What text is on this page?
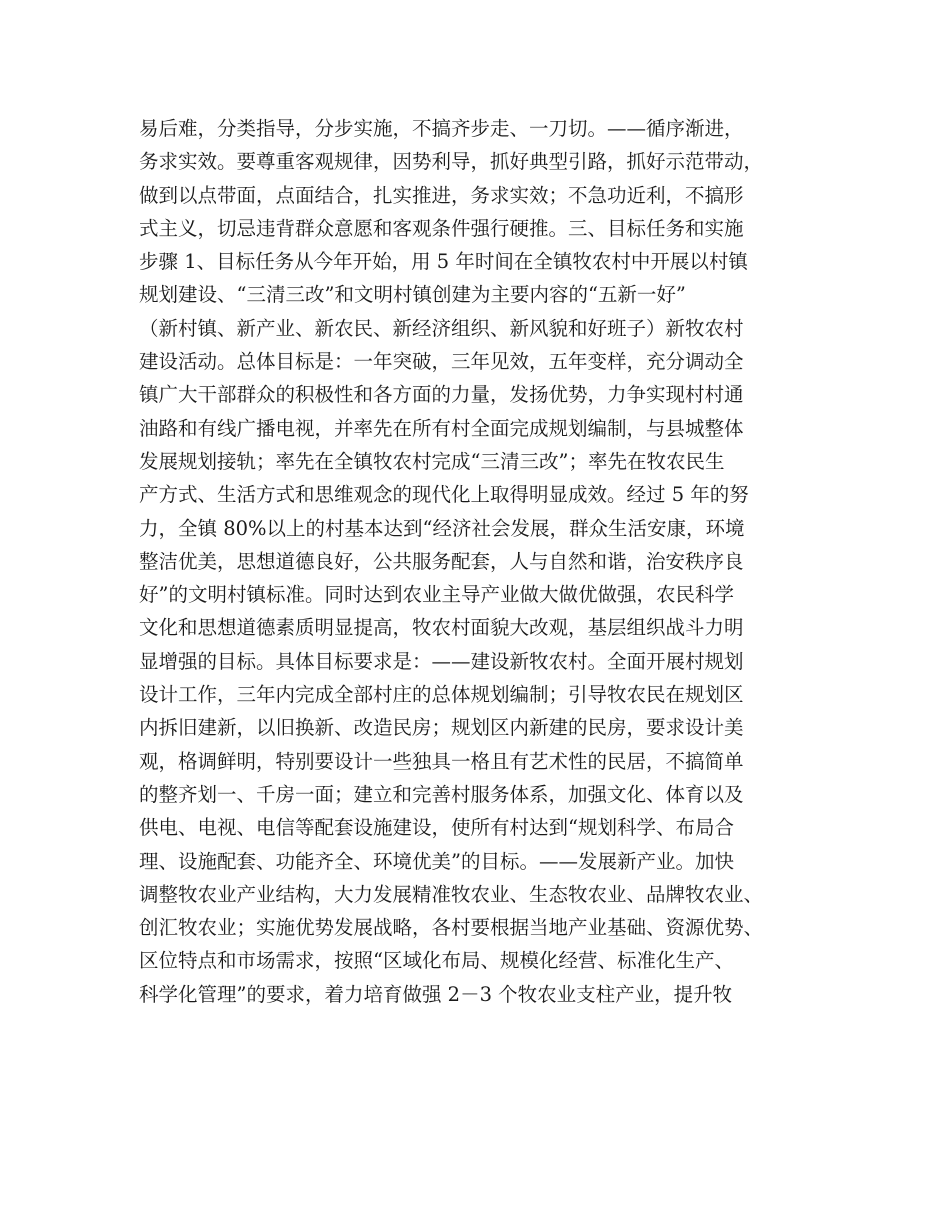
易后难，分类指导，分步实施，不搞齐步走、一刀切。——循序渐进，
务求实效。要尊重客观规律，因势利导，抓好典型引路，抓好示范带动，
做到以点带面，点面结合，扎实推进，务求实效；不急功近利，不搞形
式主义，切忌违背群众意愿和客观条件强行硬推。三、目标任务和实施
步骤 1、目标任务从今年开始，用 5 年时间在全镇牧农村中开展以村镇
规划建设、“三清三改”和文明村镇创建为主要内容的“五新一好”
（新村镇、新产业、新农民、新经济组织、新风貌和好班子）新牧农村
建设活动。总体目标是：一年突破，三年见效，五年变样，充分调动全
镇广大干部群众的积极性和各方面的力量，发扬优势，力争实现村村通
油路和有线广播电视，并率先在所有村全面完成规划编制，与县城整体
发展规划接轨；率先在全镇牧农村完成“三清三改”；率先在牧农民生
产方式、生活方式和思维观念的现代化上取得明显成效。经过 5 年的努
力，全镇 80%以上的村基本达到“经济社会发展，群众生活安康，环境
整洁优美，思想道德良好，公共服务配套，人与自然和谐，治安秩序良
好”的文明村镇标准。同时达到农业主导产业做大做优做强，农民科学
文化和思想道德素质明显提高，牧农村面貌大改观，基层组织战斗力明
显增强的目标。具体目标要求是：——建设新牧农村。全面开展村规划
设计工作，三年内完成全部村庄的总体规划编制；引导牧农民在规划区
内拆旧建新，以旧换新、改造民房；规划区内新建的民房，要求设计美
观，格调鲜明，特别要设计一些独具一格且有艺术性的民居，不搞简单
的整齐划一、千房一面；建立和完善村服务体系，加强文化、体育以及
供电、电视、电信等配套设施建设，使所有村达到“规划科学、布局合
理、设施配套、功能齐全、环境优美”的目标。——发展新产业。加快
调整牧农业产业结构，大力发展精准牧农业、生态牧农业、品牌牧农业、
创汇牧农业；实施优势发展战略，各村要根据当地产业基础、资源优势、
区位特点和市场需求，按照“区域化布局、规模化经营、标准化生产、
科学化管理”的要求，着力培育做强 2－3 个牧农业支柱产业，提升牧
